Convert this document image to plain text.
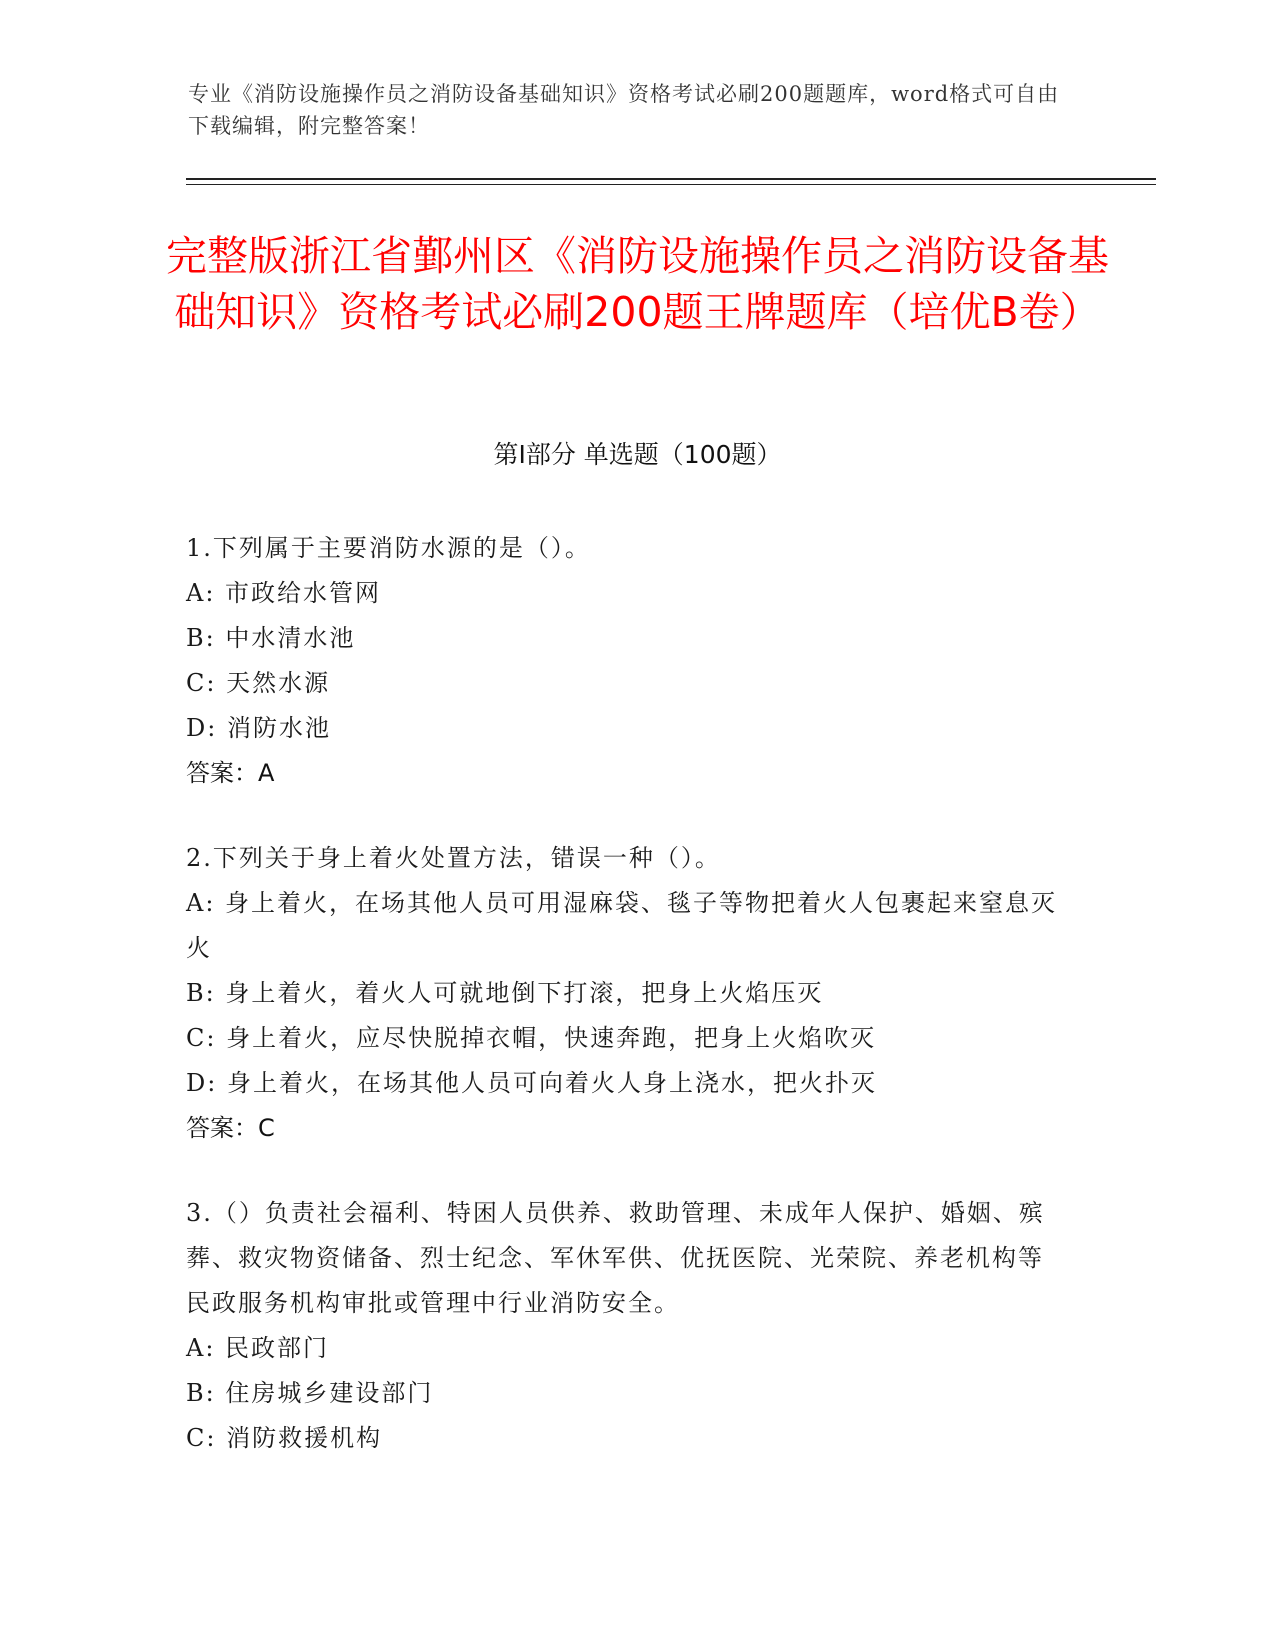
专业《消防设施操作员之消防设备基础知识》资格考试必刷200题题库，word格式可自由下载编辑，附完整答案！
完整版浙江省鄞州区《消防设施操作员之消防设备基础知识》资格考试必刷200题王牌题库（培优B卷）
第Ⅰ部分 单选题（100题）
1.下列属于主要消防水源的是（）。
A: 市政给水管网
B: 中水清水池
C: 天然水源
D: 消防水池
答案：A
2.下列关于身上着火处置方法，错误一种（）。
A: 身上着火，在场其他人员可用湿麻袋、毯子等物把着火人包裹起来窒息灭火
B: 身上着火，着火人可就地倒下打滚，把身上火焰压灭
C: 身上着火，应尽快脱掉衣帽，快速奔跑，把身上火焰吹灭
D: 身上着火，在场其他人员可向着火人身上浇水，把火扑灭
答案：C
3.（）负责社会福利、特困人员供养、救助管理、未成年人保护、婚姻、殡葬、救灾物资储备、烈士纪念、军休军供、优抚医院、光荣院、养老机构等民政服务机构审批或管理中行业消防安全。
A: 民政部门
B: 住房城乡建设部门
C: 消防救援机构
